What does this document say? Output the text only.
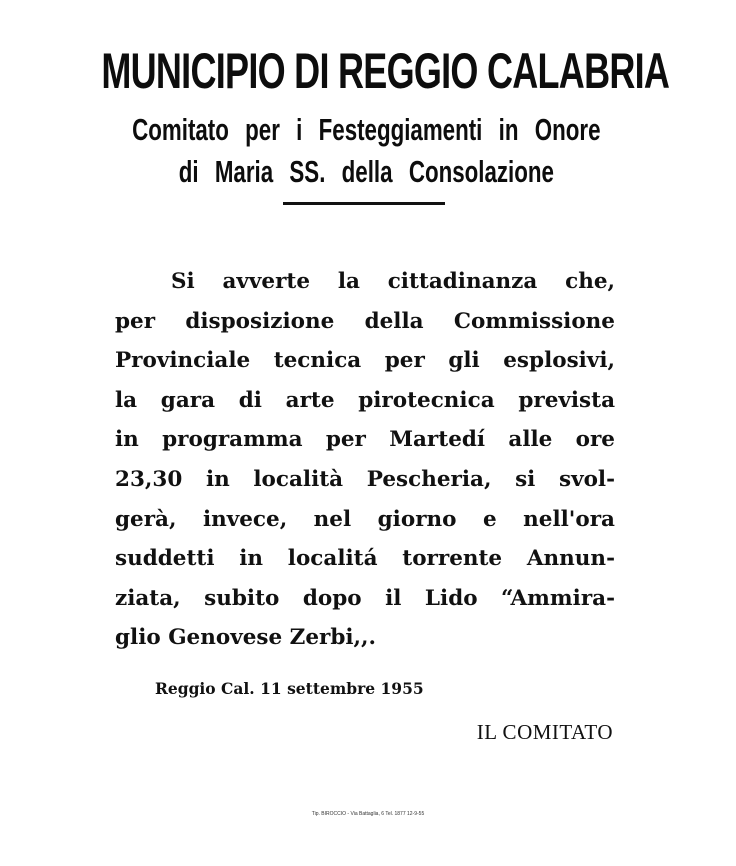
MUNICIPIO DI REGGIO CALABRIA
Comitato per i Festeggiamenti in Onore
di Maria SS. della Consolazione
Si avverte la cittadinanza che,
per disposizione della Commissione
Provinciale tecnica per gli esplosivi,
la gara di arte pirotecnica prevista
in programma per Martedí alle ore
23,30 in località Pescheria, si svol-
gerà, invece, nel giorno e nell'ora
suddetti in localitá torrente Annun-
ziata, subito dopo il Lido “Ammira-
glio Genovese Zerbi,,.
Reggio Cal. 11 settembre 1955
IL COMITATO
Tip. BIROCCIO - Via Battaglia, 6 Tel. 1877 12-9-55
